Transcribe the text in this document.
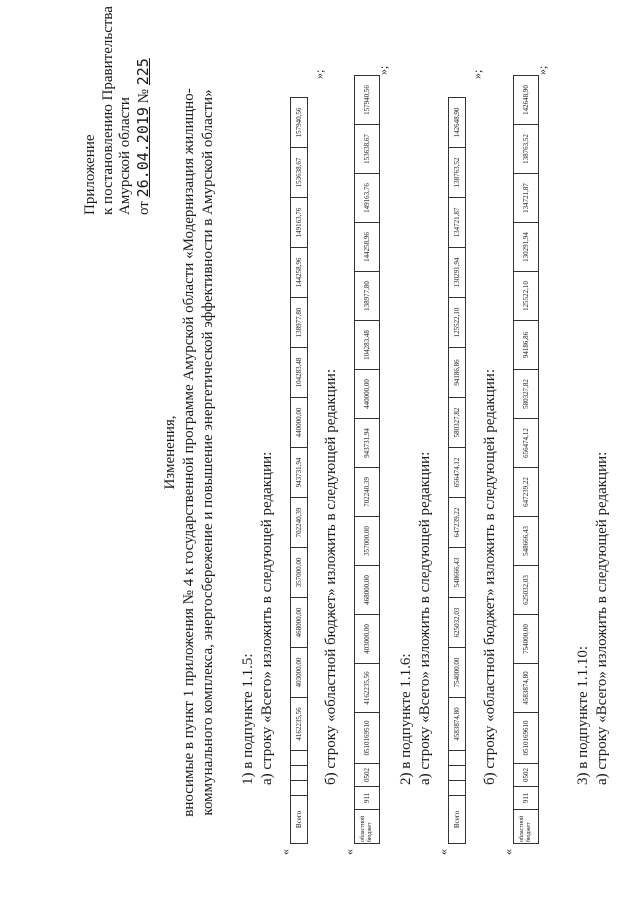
Приложение к постановлению Правительства Амурской области от 26.04.2019 № 225
Изменения, вносимые в пункт 1 приложения № 4 к государственной программе Амурской области «Модернизация жилищно- коммунального комплекса, энергосбережение и повышение энергетической эффективности в Амурской области» 1) в подпункте 1.1.5: а) строку «Всего» изложить в следующей редакции:
«
Всего				4162235,56	403000,00	468000,00	357000,00	702240,39	943731,94	440000,00	104283,48	138977,80	144258,96	149163,76	153638,67	157940,56
»;
б) строку «областной бюджет» изложить в следующей редакции:
«
областной бюджет	911	0502	0510169510	4162235,56	403000,00	468000,00	357000,00	702240,39	943731,94	440000,00	104283,48	138977,80	144258,96	149163,76	153638,67	157940,56
»;
2) в подпункте 1.1.6: а) строку «Всего» изложить в следующей редакции:
«
Всего				4583874,80	754000,00	625032,03	548666,43	647239,22	656474,12	580327,82	94186,86	125522,10	130291,94	134721,87	138763,52	142648,90
»;
б) строку «областной бюджет» изложить в следующей редакции:
«
областной бюджет	911	0502	0510169610	4583874,80	754000,00	625032,03	548666,43	647239,22	656474,12	580327,82	94186,86	125522,10	130291,94	134721,87	138763,52	142648,90
»;
3) в подпункте 1.1.10: а) строку «Всего» изложить в следующей редакции:
